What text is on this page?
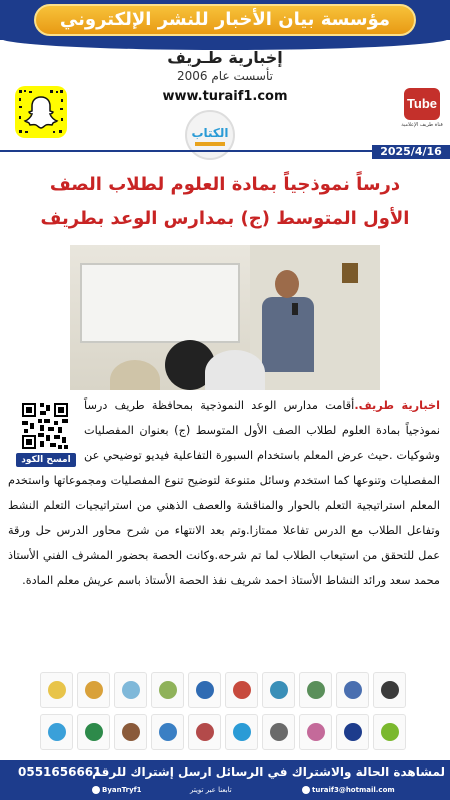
مؤسسة بيان الأخبار للنشر الإلكتروني
إخبارية طـريف
تأسست عام 2006
www.turaif1.com	Tube
قناة طريف الإعلامية
الكتاب
2025/4/16
درساً نموذجياً بمادة العلوم لطلاب الصف
الأول المتوسط (ج) بمدارس الوعد بطريف
امسح الكود
اخبارية طريف.أقامت مدارس الوعد النموذجية بمحافظة طريف درساً نموذجياً بمادة العلوم لطلاب الصف الأول المتوسط (ج) بعنوان المفصليات وشوكيات .حيث عرض المعلم باستخدام السبورة التفاعلية فيديو توضيحي عن المفصليات وتنوعها كما استخدم وسائل متنوعة لتوضيح تنوع المفصليات ومجموعاتها واستخدم المعلم استراتيجية التعلم بالحوار والمناقشة والعصف الذهني من استراتيجيات التعلم النشط وتفاعل الطلاب مع الدرس تفاعلا ممتازا.وتم بعد الانتهاء من شرح محاور الدرس حل ورقة عمل للتحقق من استيعاب الطلاب لما تم شرحه.وكانت الحصة بحضور المشرف الفني الأستاذ محمد سعد ورائد النشاط الأستاذ احمد شريف نفذ الحصة الأستاذ باسم عريش معلم المادة.
لمشاهدة الحالة والاشتراك في الرسائل ارسل إشتراك للرقم
0551656661
turaif3@hotmail.com
تابعنا عبر تويتر
ByanTryf1
